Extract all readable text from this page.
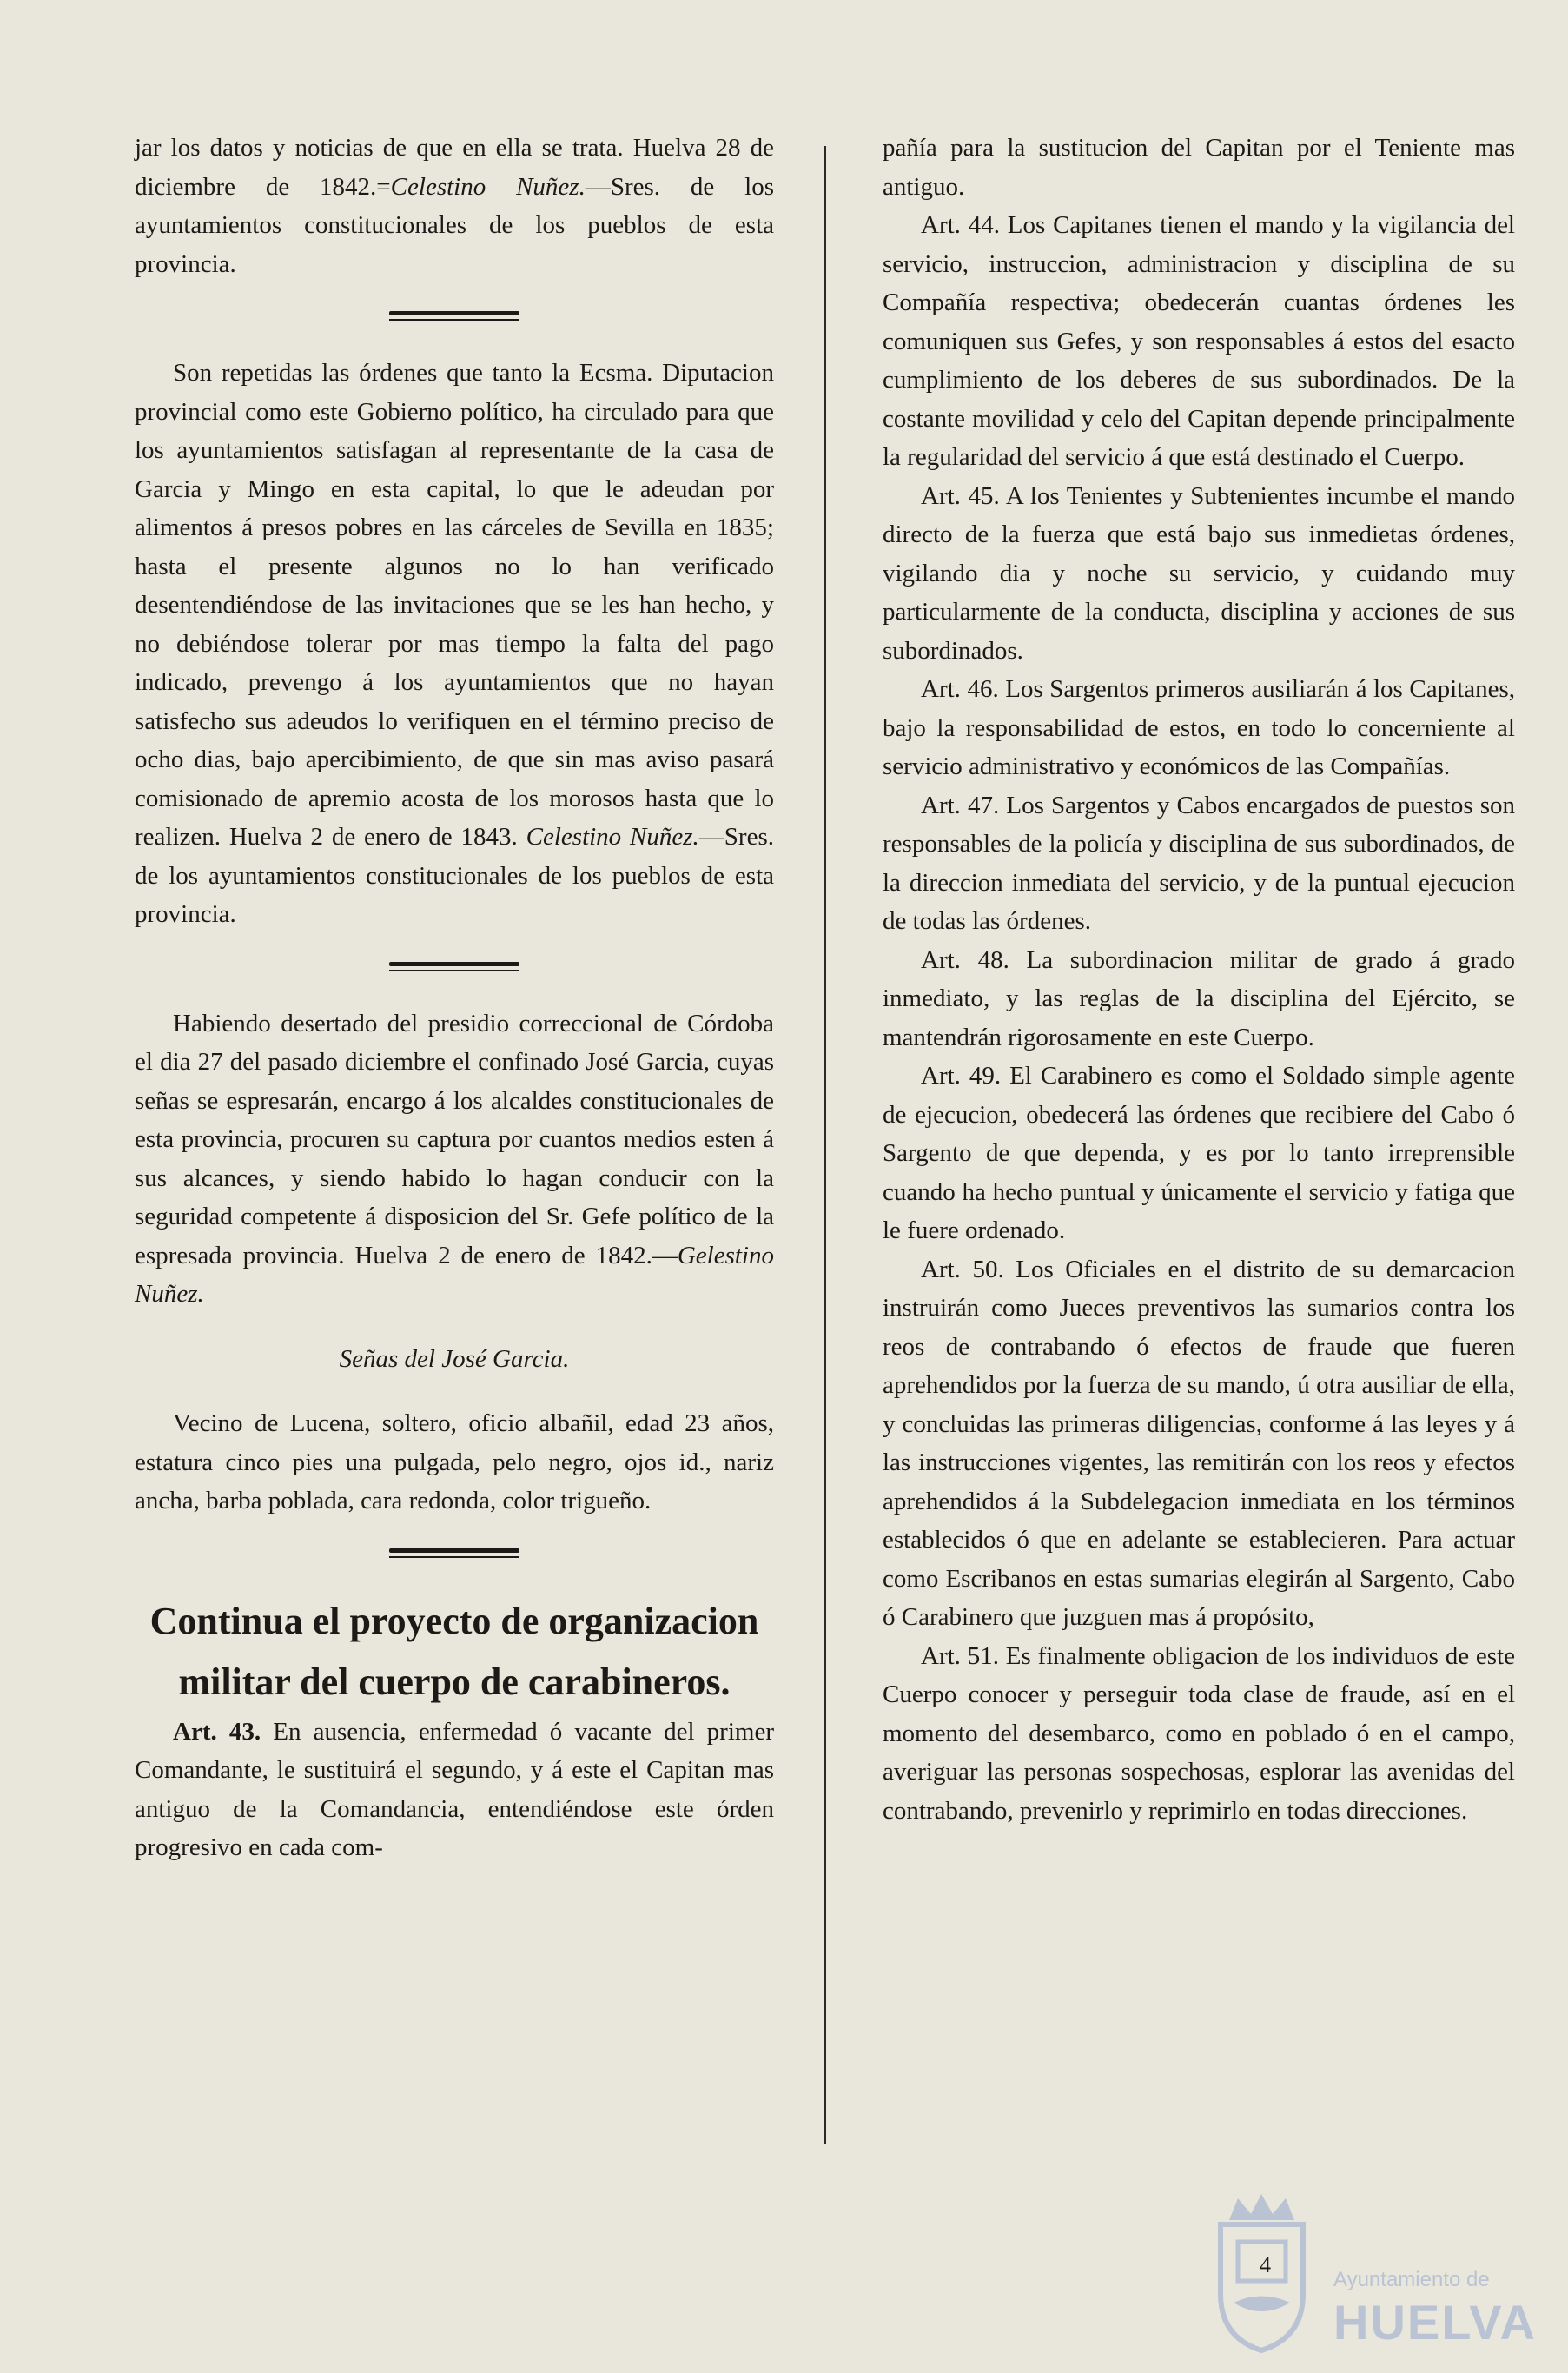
jar los datos y noticias de que en ella se trata. Huelva 28 de diciembre de 1842.=Celestino Nuñez.—Sres. de los ayuntamientos constitucionales de los pueblos de esta provincia.

Son repetidas las órdenes que tanto la Ecsma. Diputacion provincial como este Gobierno político, ha circulado para que los ayuntamientos satisfagan al representante de la casa de Garcia y Mingo en esta capital, lo que le adeudan por alimentos á presos pobres en las cárceles de Sevilla en 1835; hasta el presente algunos no lo han verificado desentendiéndose de las invitaciones que se les han hecho, y no debiéndose tolerar por mas tiempo la falta del pago indicado, prevengo á los ayuntamientos que no hayan satisfecho sus adeudos lo verifiquen en el término preciso de ocho dias, bajo apercibimiento, de que sin mas aviso pasará comisionado de apremio acosta de los morosos hasta que lo realizen. Huelva 2 de enero de 1843. Celestino Nuñez.—Sres. de los ayuntamientos constitucionales de los pueblos de esta provincia.

Habiendo desertado del presidio correccional de Córdoba el dia 27 del pasado diciembre el confinado José Garcia, cuyas señas se espresarán, encargo á los alcaldes constitucionales de esta provincia, procuren su captura por cuantos medios esten á sus alcances, y siendo habido lo hagan conducir con la seguridad competente á disposicion del Sr. Gefe político de la espresada provincia. Huelva 2 de enero de 1842.—Gelestino Nuñez.

Señas del José Garcia.

Vecino de Lucena, soltero, oficio albañil, edad 23 años, estatura cinco pies una pulgada, pelo negro, ojos id., nariz ancha, barba poblada, cara redonda, color trigueño.

Continua el proyecto de organizacion militar del cuerpo de carabineros.

Art. 43. En ausencia, enfermedad ó vacante del primer Comandante, le sustituirá el segundo, y á este el Capitan mas antiguo de la Comandancia, entendiéndose este órden progresivo en cada com-

pañía para la sustitucion del Capitan por el Teniente mas antiguo.

Art. 44. Los Capitanes tienen el mando y la vigilancia del servicio, instruccion, administracion y disciplina de su Compañía respectiva; obedecerán cuantas órdenes les comuniquen sus Gefes, y son responsables á estos del esacto cumplimiento de los deberes de sus subordinados. De la costante movilidad y celo del Capitan depende principalmente la regularidad del servicio á que está destinado el Cuerpo.

Art. 45. A los Tenientes y Subtenientes incumbe el mando directo de la fuerza que está bajo sus inmedietas órdenes, vigilando dia y noche su servicio, y cuidando muy particularmente de la conducta, disciplina y acciones de sus subordinados.

Art. 46. Los Sargentos primeros ausiliarán á los Capitanes, bajo la responsabilidad de estos, en todo lo concerniente al servicio administrativo y económicos de las Compañías.

Art. 47. Los Sargentos y Cabos encargados de puestos son responsables de la policía y disciplina de sus subordinados, de la direccion inmediata del servicio, y de la puntual ejecucion de todas las órdenes.

Art. 48. La subordinacion militar de grado á grado inmediato, y las reglas de la disciplina del Ejército, se mantendrán rigorosamente en este Cuerpo.

Art. 49. El Carabinero es como el Soldado simple agente de ejecucion, obedecerá las órdenes que recibiere del Cabo ó Sargento de que dependa, y es por lo tanto irreprensible cuando ha hecho puntual y únicamente el servicio y fatiga que le fuere ordenado.

Art. 50. Los Oficiales en el distrito de su demarcacion instruirán como Jueces preventivos las sumarios contra los reos de contrabando ó efectos de fraude que fueren aprehendidos por la fuerza de su mando, ú otra ausiliar de ella, y concluidas las primeras diligencias, conforme á las leyes y á las instrucciones vigentes, las remitirán con los reos y efectos aprehendidos á la Subdelegacion inmediata en los términos establecidos ó que en adelante se establecieren. Para actuar como Escribanos en estas sumarias elegirán al Sargento, Cabo ó Carabinero que juzguen mas á propósito,

Art. 51. Es finalmente obligacion de los individuos de este Cuerpo conocer y perseguir toda clase de fraude, así en el momento del desembarco, como en poblado ó en el campo, averiguar las personas sospechosas, esplorar las avenidas del contrabando, prevenirlo y reprimirlo en todas direcciones.

4
Ayuntamiento de
HUELVA
